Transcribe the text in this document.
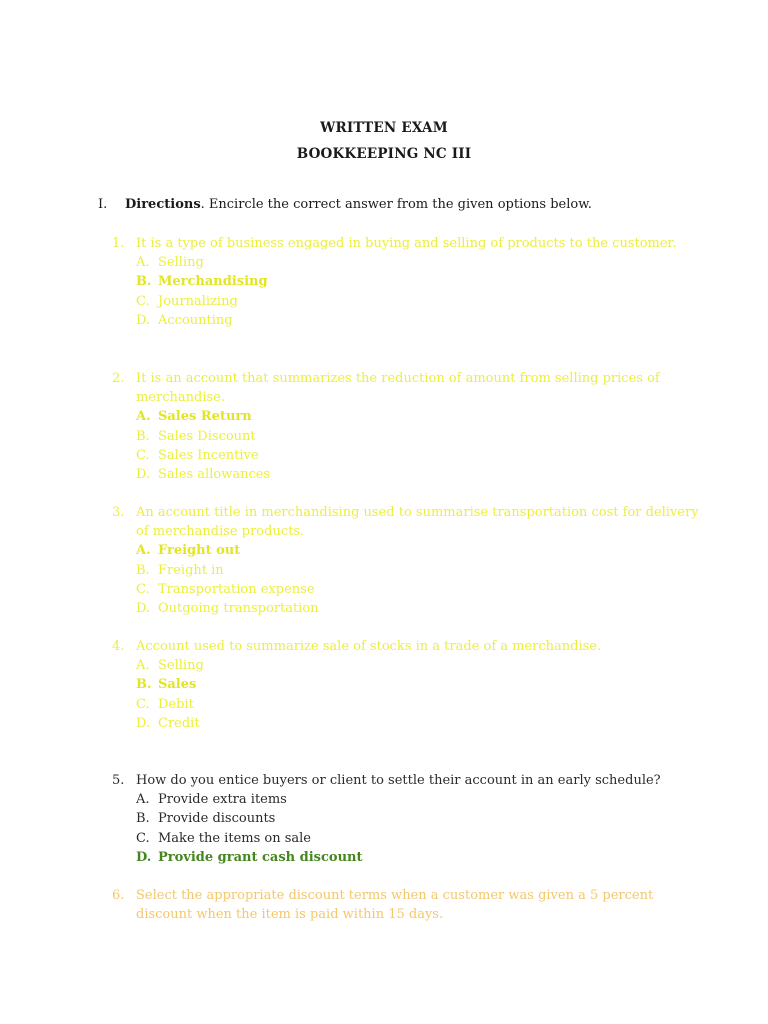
WRITTEN EXAM
BOOKKEEPING NC III
I. Directions. Encircle the correct answer from the given options below.
1. It is a type of business engaged in buying and selling of products to the customer.
A. Selling
B. Merchandising
C. Journalizing
D. Accounting
2. It is an account that summarizes the reduction of amount from selling prices of merchandise.
A. Sales Return
B. Sales Discount
C. Sales Incentive
D. Sales allowances
3. An account title in merchandising used to summarise transportation cost for delivery of merchandise products.
A. Freight out
B. Freight in
C. Transportation expense
D. Outgoing transportation
4. Account used to summarize sale of stocks in a trade of a merchandise.
A. Selling
B. Sales
C. Debit
D. Credit
5. How do you entice buyers or client to settle their account in an early schedule?
A. Provide extra items
B. Provide discounts
C. Make the items on sale
D. Provide grant cash discount
6. Select the appropriate discount terms when a customer was given a 5 percent discount when the item is paid within 15 days.
